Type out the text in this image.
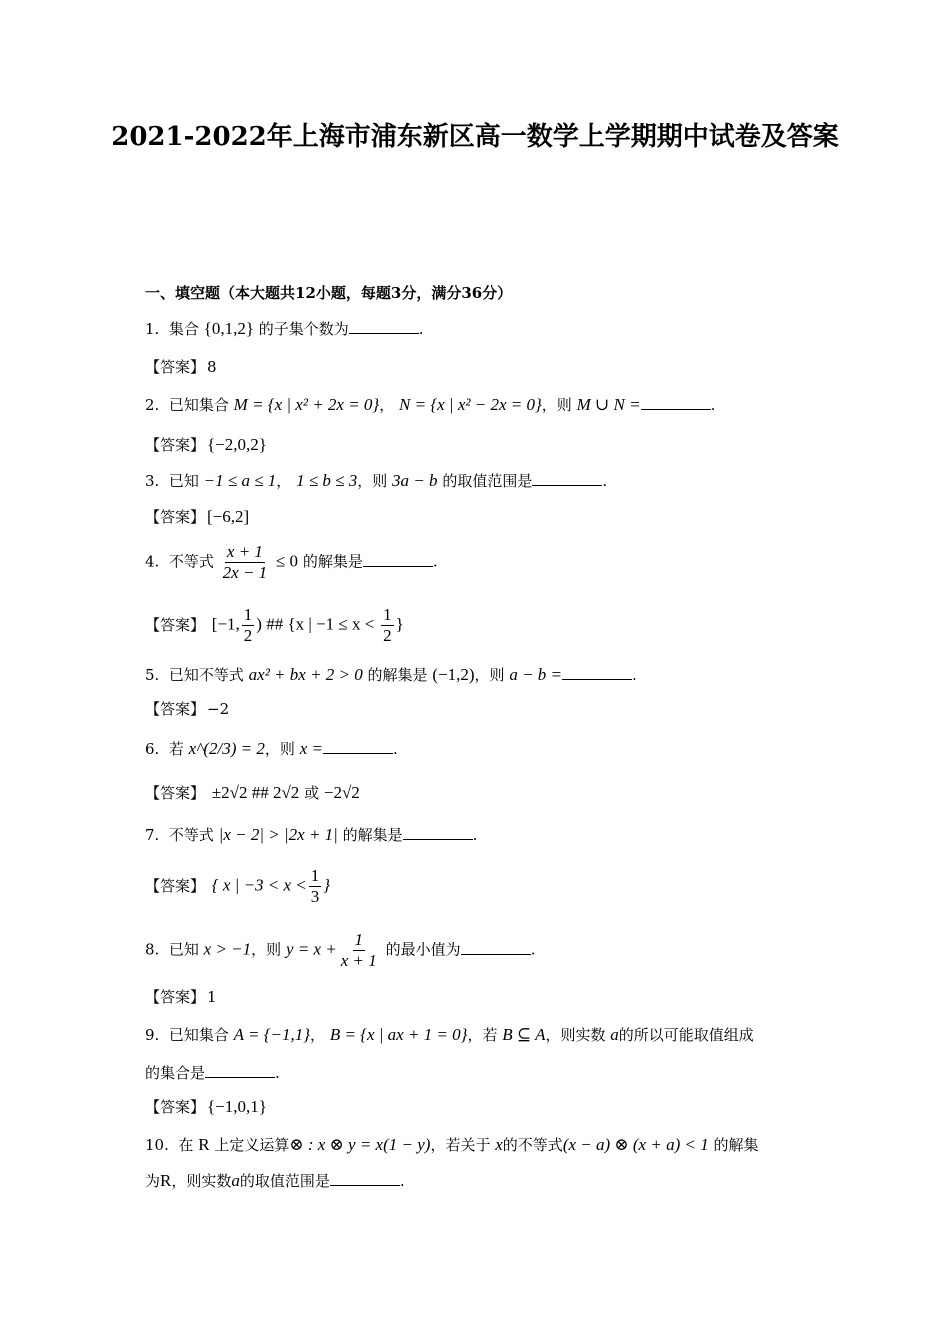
2021-2022年上海市浦东新区高一数学上学期期中试卷及答案
一、填空题（本大题共12小题，每题3分，满分36分）
1. 集合 {0,1,2} 的子集个数为	.
【答案】 8
2. 已知集合 M = {x | x² + 2x = 0}， N = {x | x² − 2x = 0}，则 M ∪ N =	.
【答案】 {−2,0,2}
3. 已知 −1 ≤ a ≤ 1， 1 ≤ b ≤ 3，则 3a − b 的取值范围是	.
【答案】 [−6,2]
4. 不等式 $\frac{x + 1}{2x - 1} \le 0$ 的解集是	.
【答案】 [−1, $\frac{1}{2}$ ) ## {x | $-1 \le x < \frac{1}{2}$ }
5. 已知不等式 ax² + bx + 2 > 0 的解集是 (−1,2)，则 a − b =	.
【答案】 −2
6. 若 x^(2/3) = 2，则 x =	.
【答案】 ±2√2 ## 2√2 或 −2√2
7. 不等式 |x − 2| > |2x + 1| 的解集是	.
【答案】 { x | $-3 < x < \frac{1}{3}$ }
8. 已知 x > −1，则 $y = x + \frac{1}{x + 1}$ 的最小值为	.
【答案】 1
9. 已知集合 A = {−1,1}， B = {x | ax + 1 = 0}，若 B ⊆ A，则实数 a的所以可能取值组成
的集合是	.
【答案】 {−1,0,1}
10. 在 R 上定义运算⊗ : x ⊗ y = x(1 − y)，若关于 x的不等式(x − a) ⊗ (x + a) < 1 的解集
为R，则实数a的取值范围是	.
